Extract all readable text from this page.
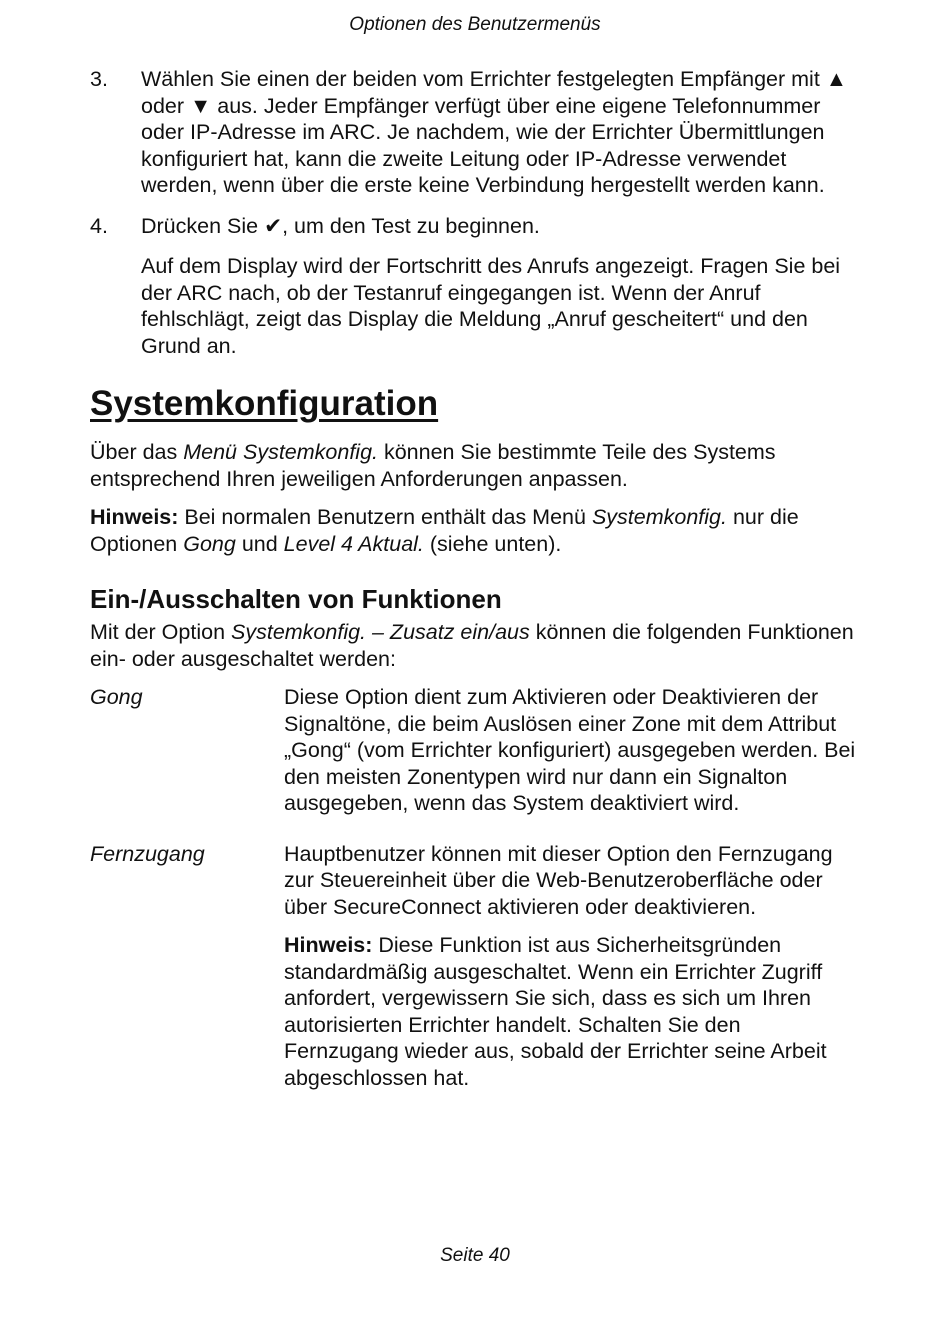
Optionen des Benutzermenüs
3.	Wählen Sie einen der beiden vom Errichter festgelegten Empfänger mit ▲ oder ▼ aus. Jeder Empfänger verfügt über eine eigene Telefonnummer oder IP-Adresse im ARC. Je nachdem, wie der Errichter Übermittlungen konfiguriert hat, kann die zweite Leitung oder IP-Adresse verwendet werden, wenn über die erste keine Verbindung hergestellt werden kann.

4.	Drücken Sie ✔, um den Test zu beginnen.

Auf dem Display wird der Fortschritt des Anrufs angezeigt. Fragen Sie bei der ARC nach, ob der Testanruf eingegangen ist. Wenn der Anruf fehlschlägt, zeigt das Display die Meldung „Anruf gescheitert“ und den Grund an.

Systemkonfiguration

Über das Menü Systemkonfig. können Sie bestimmte Teile des Systems entsprechend Ihren jeweiligen Anforderungen anpassen.

Hinweis: Bei normalen Benutzern enthält das Menü Systemkonfig. nur die Optionen Gong und Level 4 Aktual. (siehe unten).

Ein-/Ausschalten von Funktionen

Mit der Option Systemkonfig. – Zusatz ein/aus können die folgenden Funktionen ein- oder ausgeschaltet werden:

Gong	Diese Option dient zum Aktivieren oder Deaktivieren der Signaltöne, die beim Auslösen einer Zone mit dem Attribut „Gong“ (vom Errichter konfiguriert) ausgegeben werden. Bei den meisten Zonentypen wird nur dann ein Signalton ausgegeben, wenn das System deaktiviert wird.

Fernzugang	Hauptbenutzer können mit dieser Option den Fernzugang zur Steuereinheit über die Web-Benutzeroberfläche oder über SecureConnect aktivieren oder deaktivieren.

Hinweis: Diese Funktion ist aus Sicherheitsgründen standardmäßig ausgeschaltet. Wenn ein Errichter Zugriff anfordert, vergewissern Sie sich, dass es sich um Ihren autorisierten Errichter handelt. Schalten Sie den Fernzugang wieder aus, sobald der Errichter seine Arbeit abgeschlossen hat.

Seite 40
